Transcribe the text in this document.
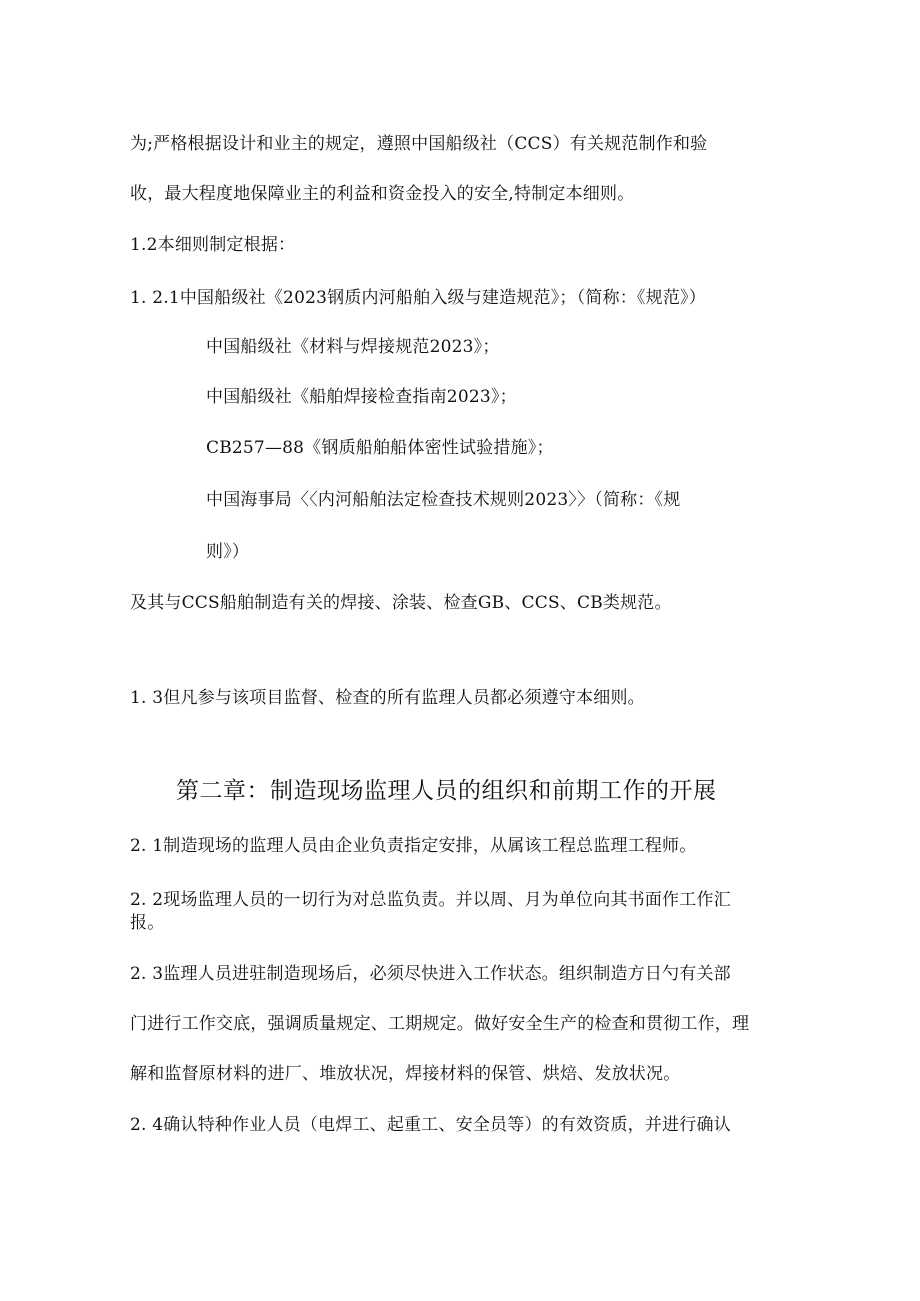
为;严格根据设计和业主的规定，遵照中国船级社（CCS）有关规范制作和验
收，最大程度地保障业主的利益和资金投入的安全,特制定本细则。
1.2本细则制定根据：
1. 2.1中国船级社《2023钢质内河船舶入级与建造规范》；（简称：《规范》）
中国船级社《材料与焊接规范2023》；
中国船级社《船舶焊接检查指南2023》；
CB257—88《钢质船舶船体密性试验措施》；
中国海事局〈〈内河船舶法定检查技术规则2023〉〉（简称：《规
则》）
及其与CCS船舶制造有关的焊接、涂装、检查GB、CCS、CB类规范。
1. 3但凡参与该项目监督、检查的所有监理人员都必须遵守本细则。
第二章：制造现场监理人员的组织和前期工作的开展
2. 1制造现场的监理人员由企业负责指定安排，从属该工程总监理工程师。
2. 2现场监理人员的一切行为对总监负责。并以周、月为单位向其书面作工作汇
报。
2. 3监理人员进驻制造现场后，必须尽快进入工作状态。组织制造方日勺有关部
门进行工作交底，强调质量规定、工期规定。做好安全生产的检查和贯彻工作，理
解和监督原材料的进厂、堆放状况，焊接材料的保管、烘焙、发放状况。
2. 4确认特种作业人员（电焊工、起重工、安全员等）的有效资质，并进行确认
